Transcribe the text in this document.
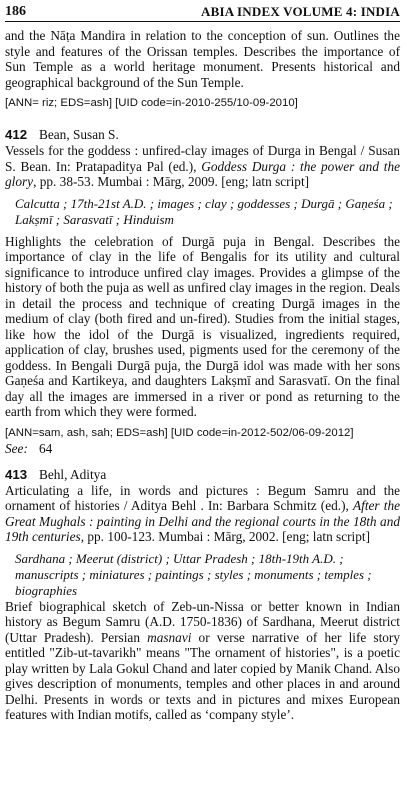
186	ABIA INDEX VOLUME 4: INDIA

and the Nāṭa Mandira in relation to the conception of sun. Outlines the style and features of the Orissan temples. Describes the importance of Sun Temple as a world heritage monument. Presents historical and geographical background of the Sun Temple.

[ANN= riz; EDS=ash] [UID code=in-2010-255/10-09-2010]

412 Bean, Susan S.

Vessels for the goddess : unfired-clay images of Durga in Bengal / Susan S. Bean. In: Pratapaditya Pal (ed.), Goddess Durga : the power and the glory, pp. 38-53. Mumbai : Mārg, 2009. [eng; latn script]

Calcutta ; 17th-21st A.D. ; images ; clay ; goddesses ; Durgā ; Gaṇeśa ; Lakṣmī ; Sarasvatī ; Hinduism

Highlights the celebration of Durgā puja in Bengal. Describes the importance of clay in the life of Bengalis for its utility and cultural significance to introduce unfired clay images. Provides a glimpse of the history of both the puja as well as unfired clay images in the region. Deals in detail the process and technique of creating Durgā images in the medium of clay (both fired and un-fired). Studies from the initial stages, like how the idol of the Durgā is visualized, ingredients required, application of clay, brushes used, pigments used for the ceremony of the goddess. In Bengali Durgā puja, the Durgā idol was made with her sons Gaṇeśa and Kartikeya, and daughters Lakṣmī and Sarasvatī. On the final day all the images are immersed in a river or pond as returning to the earth from which they were formed.

[ANN=sam, ash, sah; EDS=ash] [UID code=in-2012-502/06-09-2012]

See: 64

413 Behl, Aditya

Articulating a life, in words and pictures : Begum Samru and the ornament of histories / Aditya Behl . In: Barbara Schmitz (ed.), After the Great Mughals : painting in Delhi and the regional courts in the 18th and 19th centuries, pp. 100-123. Mumbai : Mārg, 2002. [eng; latn script]

Sardhana ; Meerut (district) ; Uttar Pradesh ; 18th-19th A.D. ; manuscripts ; miniatures ; paintings ; styles ; monuments ; temples ; biographies

Brief biographical sketch of Zeb-un-Nissa or better known in Indian history as Begum Samru (A.D. 1750-1836) of Sardhana, Meerut district (Uttar Pradesh). Persian masnavi or verse narrative of her life story entitled "Zib-ut-tavarikh" means "The ornament of histories", is a poetic play written by Lala Gokul Chand and later copied by Manik Chand. Also gives description of monuments, temples and other places in and around Delhi. Presents in words or texts and in pictures and mixes European features with Indian motifs, called as ‘company style’.
